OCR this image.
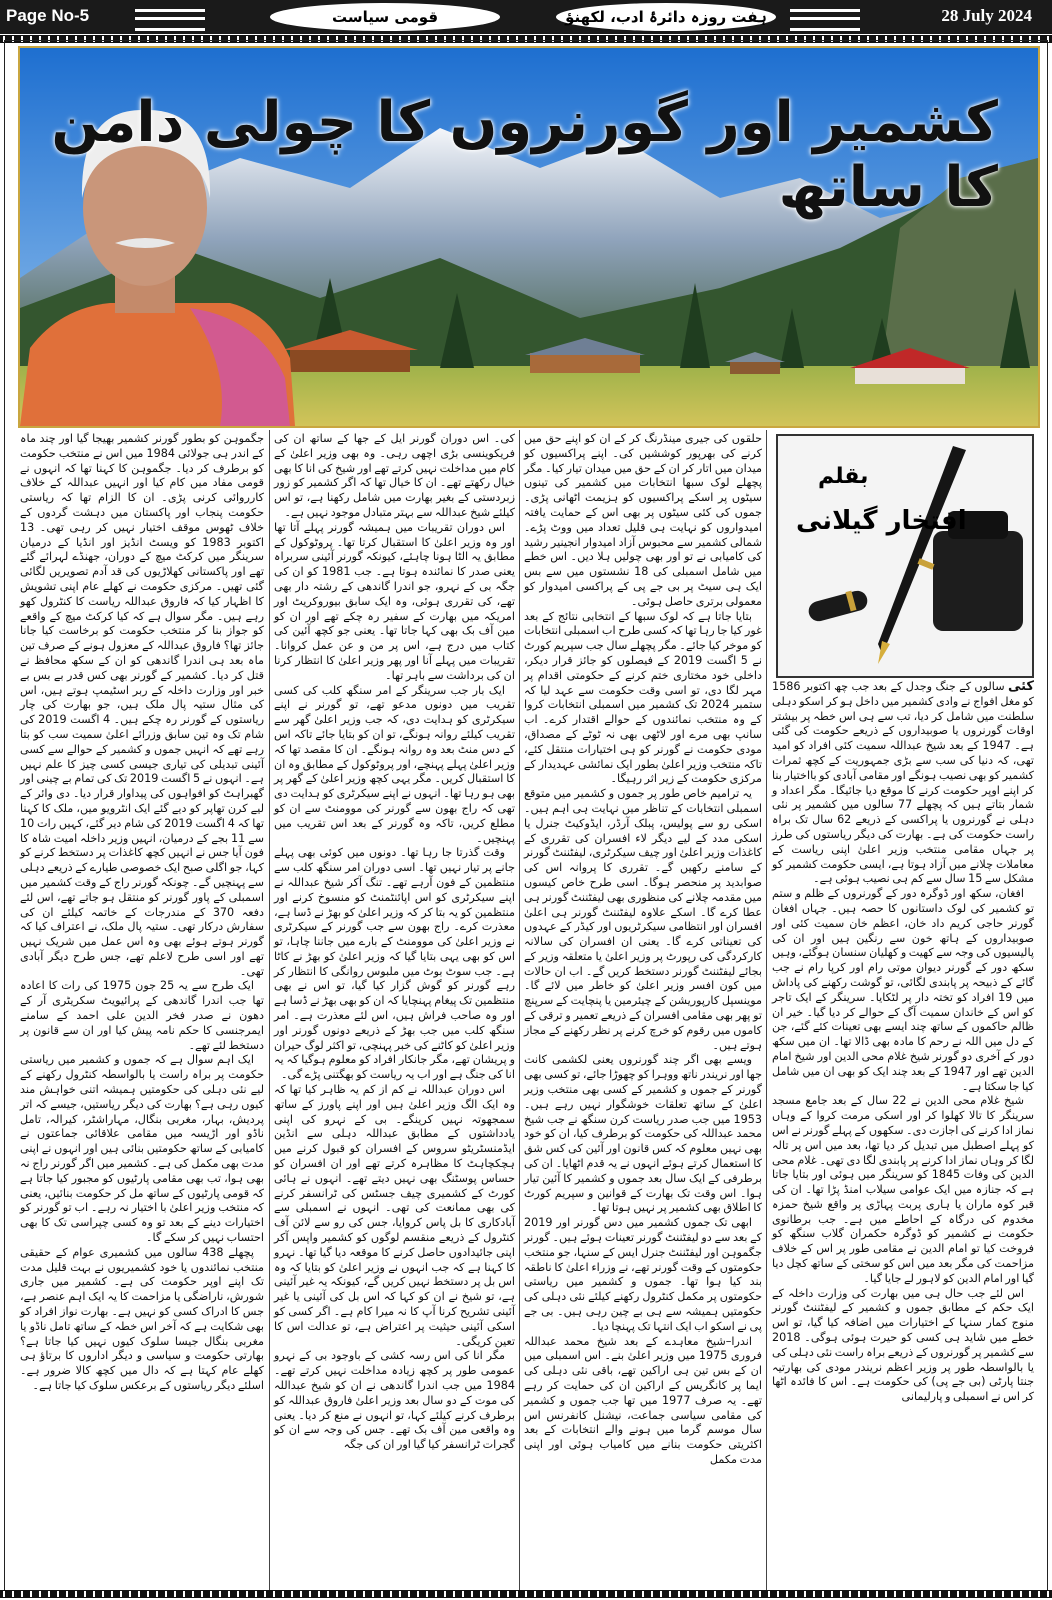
Page No-5	قومی سیاست	ہفت روزہ دائرۂ ادب، لکھنؤ	28 July 2024
کشمیر اور گورنروں کا چولی دامن کا ساتھ
بقلم
افتخار گیلانی

کئی سالوں کے جنگ وجدل کے بعد جب چھ اکتوبر 1586 کو مغل افواج نے وادی کشمیر میں داخل ہو کر اسکو دہلی سلطنت میں شامل کر دیا، تب سے ہی اس خطہ پر بیشتر اوقات گورنروں یا صوبیداروں کے ذریعے حکومت کی گئی ہے۔ 1947 کے بعد شیخ عبداللہ سمیت کئی افراد کو امید تھی، کہ دنیا کی سب سے بڑی جمہوریت کے کچھ ثمرات کشمیر کو بھی نصیب ہونگے اور مقامی آبادی کو بااختیار بنا کر اپنے اوپر حکومت کرنے کا موقع دیا جائیگا۔ مگر اعداد و شمار بتاتے ہیں کہ پچھلے 77 سالوں میں کشمیر پر نئی دہلی نے گورنروں یا پراکسی کے ذریعے 62 سال تک براہ راست حکومت کی ہے۔ بھارت کی دیگر ریاستوں کی طرز پر جہاں مقامی منتخب وزیر اعلیٰ اپنی ریاست کے معاملات چلانے میں آزاد ہوتا ہے، ایسی حکومت کشمیر کو مشکل سے 15 سال سے کم ہی نصیب ہوئی ہے۔

افغان، سکھ اور ڈوگرہ دور کے گورنروں کے ظلم و ستم تو کشمیر کی لوک داستانوں کا حصہ ہیں۔ جہاں افغان گورنر حاجی کریم داد خان، اعظم خان سمیت کئی اور صوبیداروں کے ہاتھ خون سے رنگین ہیں اور ان کی پالیسیوں کی وجہ سے کھیت و کھلیان سنسان ہوگئے، وہیں سکھ دور کے گورنر دیوان موتی رام اور کرپا رام نے جب گائے کے ذبیحہ پر پابندی لگائی، تو گوشت رکھنے کی پاداش میں 19 افراد کو تختہ دار پر لٹکایا۔ سرینگر کے ایک تاجر کو اس کے خاندان سمیت آگ کے حوالے کر دیا گیا۔ خیر ان ظالم حاکموں کے ساتھ چند ایسے بھی تعینات کئے گئے، جن کے دل میں اللہ نے رحم کا مادہ بھی ڈالا تھا۔ ان میں سکھ دور کے آخری دو گورنر شیخ غلام محی الدین اور شیخ امام الدین تھے اور 1947 کے بعد چند ایک کو بھی ان میں شامل کیا جا سکتا ہے۔

شیخ غلام محی الدین نے 22 سال کے بعد جامع مسجد سرینگر کا تالا کھلوا کر اور اسکی مرمت کروا کے وہاں نماز ادا کرنے کی اجازت دی۔ سکھوں کے پہلے گورنر نے اس کو پہلے اصطبل میں تبدیل کر دیا تھا، بعد میں اس پر تالہ لگا کر وہاں نماز ادا کرنے پر پابندی لگا دی تھی۔ غلام محی الدین کی وفات 1845 کو سرینگر میں ہوئی اور بتایا جاتا ہے کہ جنازہ میں ایک عوامی سیلاب امنڈ پڑا تھا۔ ان کی قبر کوہ ماران یا ہاری پربت پہاڑی پر واقع شیخ حمزہ مخدوم کی درگاہ کے احاطے میں ہے۔ جب برطانوی حکومت نے کشمیر کو ڈوگرہ حکمران گلاب سنگھ کو فروخت کیا تو امام الدین نے مقامی طور پر اس کے خلاف مزاحمت کی مگر بعد میں اس کو سختی کے ساتھ کچل دیا گیا اور امام الدین کو لاہور لے جایا گیا۔

اس لئے جب حال ہی میں بھارت کی وزارت داخلہ کے ایک حکم کے مطابق جموں و کشمیر کے لیفٹننٹ گورنر منوج کمار سنہا کے اختیارات میں اضافہ کیا گیا، تو اس خطے میں شاید ہی کسی کو حیرت ہوئی ہوگی۔ 2018 سے کشمیر پر گورنروں کے ذریعے براہ راست نئی دہلی کی یا بالواسطہ طور پر وزیر اعظم نریندر مودی کی بھارتیہ جنتا پارٹی (بی جے پی) کی حکومت ہے۔ اس کا فائدہ اٹھا کر اس نے اسمبلی و پارلیمانی

حلقوں کی جیری مینڈرنگ کر کے ان کو اپنے حق میں کرنے کی بھرپور کوششیں کی۔ اپنے پراکسیوں کو میدان میں اتار کر ان کے حق میں میدان تیار کیا۔ مگر پچھلے لوک سبھا انتخابات میں کشمیر کی تینوں سیٹوں پر اسکے پراکسیوں کو ہزیمت اٹھانی پڑی۔ جموں کی کئی سیٹوں پر بھی اس کے حمایت یافتہ امیدواروں کو نہایت ہی قلیل تعداد میں ووٹ پڑے۔ شمالی کشمیر سے محبوس آزاد امیدوار انجینیر رشید کی کامیابی نے تو اور بھی چولیں ہلا دیں۔ اس خطے میں شامل اسمبلی کی 18 نشستوں میں سے بس ایک ہی سیٹ پر بی جے پی کے پراکسی امیدوار کو معمولی برتری حاصل ہوئی۔

بتایا جاتا ہے کہ لوک سبھا کے انتخابی نتائج کے بعد غور کیا جا رہا تھا کہ کسی طرح اب اسمبلی انتخابات کو موخر کیا جائے۔ مگر پچھلے سال جب سپریم کورٹ نے 5 اگست 2019 کے فیصلوں کو جائز قرار دیکر، داخلی خود مختاری ختم کرنے کے حکومتی اقدام پر مہر لگا دی، تو اسی وقت حکومت سے عہد لیا کہ ستمبر 2024 تک کشمیر میں اسمبلی انتخابات کروا کے وہ منتخب نمائندوں کے حوالے اقتدار کرے۔ اب سانپ بھی مرے اور لاٹھی بھی نہ ٹوٹے کے مصداق، مودی حکومت نے گورنر کو ہی اختیارات منتقل کئے، تاکہ منتخب وزیر اعلیٰ بطور ایک نمائشی عہدیدار کے مرکزی حکومت کے زیر اثر رہیگا۔

یہ ترامیم خاص طور پر جموں و کشمیر میں متوقع اسمبلی انتخابات کے تناظر میں نہایت ہی اہم ہیں۔ اسکی رو سے پولیس، پبلک آرڈر، ایڈوکیٹ جنرل یا اسکی مدد کے لیے دیگر لاء افسران کی تقرری کے کاغذات وزیر اعلیٰ اور چیف سیکرٹری، لیفٹننٹ گورنر کے سامنے رکھیں گے۔ تقرری کا پروانہ اس کی صوابدید پر منحصر ہوگا۔ اسی طرح خاص کیسوں میں مقدمہ چلانے کی منظوری بھی لیفٹننٹ گورنر ہی عطا کرے گا۔ اسکے علاوہ لیفٹننٹ گورنر ہی اعلیٰ افسران اور انتظامی سیکرٹریوں اور کیڈر کے عہدوں کی تعیناتی کرے گا۔ یعنی ان افسران کی سالانہ کارکردگی کی رپورٹ پر وزیر اعلیٰ یا متعلقہ وزیر کے بجائے لیفٹننٹ گورنر دستخط کریں گے۔ اب ان حالات میں کون افسر وزیر اعلیٰ کو خاطر میں لائے گا۔ موینسپل کارپوریشن کے چیئرمین یا پنچایت کے سرپنچ تو پھر بھی مقامی افسران کے ذریعے تعمیر و ترقی کے کاموں میں رقوم کو خرچ کرنے پر نظر رکھنے کے مجاز ہوتے ہیں۔

ویسے بھی اگر چند گورنروں یعنی لکشمی کانت جھا اور نریندر ناتھ ووہرا کو چھوڑا جائے، تو کسی بھی گورنر کے جموں و کشمیر کے کسی بھی منتخب وزیر اعلیٰ کے ساتھ تعلقات خوشگوار نہیں رہے ہیں۔ 1953 میں جب صدر ریاست کرن سنگھ نے جب شیخ محمد عبداللہ کی حکومت کو برطرف کیا، ان کو خود بھی نہیں معلوم کہ کس قانون اور آئین کی کس شق کا استعمال کرتے ہوئے انہوں نے یہ قدم اٹھایا۔ ان کی برطرفی کے ایک سال بعد جموں و کشمیر کا آئین تیار ہوا۔ اس وقت تک بھارت کے قوانین و سپریم کورٹ کا اطلاق بھی کشمیر پر نہیں ہوتا تھا۔

ابھی تک جموں کشمیر میں دس گورنر اور 2019 کے بعد سے دو لیفٹننٹ گورنر تعینات ہوئے ہیں۔ گورنر جگموہن اور لیفٹننٹ جنرل ایس کے سنہا، جو منتخب حکومتوں کے وقت گورنر تھے، نے وزراء اعلیٰ کا ناطقہ بند کیا ہوا تھا۔ جموں و کشمیر میں ریاستی حکومتوں پر مکمل کنٹرول رکھنے کیلئے نئی دہلی کی حکومتیں ہمیشہ سے ہی بے چین رہی ہیں۔ بی جے پی نے اسکو اب ایک انتہا تک پہنچا دیا۔

اندرا–شیخ معاہدے کے بعد شیخ محمد عبداللہ فروری 1975 میں وزیر اعلیٰ بنے۔ اس اسمبلی میں ان کے بس تین ہی اراکین تھے، باقی نئی دہلی کی ایما پر کانگریس کے اراکین ان کی حمایت کر رہے تھے۔ یہ صرف 1977 میں تھا جب جموں و کشمیر کی مقامی سیاسی جماعت، نیشنل کانفرنس اس سال موسم گرما میں ہونے والے انتخابات کے بعد اکثریتی حکومت بنانے میں کامیاب ہوئی اور اپنی مدت مکمل

کی۔ اس دوران گورنر ایل کے جھا کے ساتھ ان کی فریکوینسی بڑی اچھی رہی۔ وہ بھی وزیر اعلیٰ کے کام میں مداخلت نہیں کرتے تھے اور شیخ کی انا کا بھی خیال رکھتے تھے۔ ان کا خیال تھا کہ اگر کشمیر کو زور زبردستی کے بغیر بھارت میں شامل رکھنا ہے، تو اس کیلئے شیخ عبداللہ سے بہتر متبادل موجود نہیں ہے۔

اس دوران تقریبات میں ہمیشہ گورنر پہلے آتا تھا اور وہ وزیر اعلیٰ کا استقبال کرتا تھا۔ پروٹوکول کے مطابق یہ الٹا ہونا چاہئے، کیونکہ گورنر آئینی سربراہ یعنی صدر کا نمائندہ ہوتا ہے۔ جب 1981 کو ان کی جگہ بی کے نہرو، جو اندرا گاندھی کے رشتہ دار بھی تھے، کی تقرری ہوئی، وہ ایک سابق بیوروکریٹ اور امریکہ میں بھارت کے سفیر رہ چکے تھے اور ان کو مین آف بک بھی کہا جاتا تھا۔ یعنی جو کچھ آئین کی کتاب میں درج ہے، اس پر من و عن عمل کروانا۔ تقریبات میں پہلے آنا اور پھر وزیر اعلیٰ کا انتظار کرنا ان کی برداشت سے باہر تھا۔

ایک بار جب سرینگر کے امر سنگھ کلب کی کسی تقریب میں دونوں مدعو تھے، تو گورنر نے اپنے سیکرٹری کو ہدایت دی، کہ جب وزیر اعلیٰ گھر سے تقریب کیلئے روانہ ہونگے، تو ان کو بتایا جائے تاکہ اس کے دس منٹ بعد وہ روانہ ہونگے۔ ان کا مقصد تھا کہ وزیر اعلیٰ پہلے پہنچے، اور پروٹوکول کے مطابق وہ ان کا استقبال کریں۔ مگر یہی کچھ وزیر اعلیٰ کے گھر پر بھی ہو رہا تھا۔ انہوں نے اپنے سیکرٹری کو ہدایت دی تھی کہ راج بھون سے گورنر کی موومنٹ سے ان کو مطلع کریں، تاکہ وہ گورنر کے بعد اس تقریب میں پہنچیں۔

وقت گذرتا جا رہا تھا۔ دونوں میں کوئی بھی پہلے جانے پر تیار نہیں تھا۔ اسی دوران امر سنگھ کلب سے منتظمین کے فون آرہے تھے۔ تنگ آکر شیخ عبداللہ نے اپنے سیکرٹری کو اس اپائنٹمنٹ کو منسوخ کرنے اور منتظمین کو یہ بتا کر کہ وزیر اعلیٰ کو بھڑ نے ڈسا ہے، معذرت کرے۔ راج بھون سے جب گورنر کے سیکرٹری نے وزیر اعلیٰ کی موومنٹ کے بارے میں جاننا چاہا، تو اس کو بھی یہی بتایا گیا کہ وزیر اعلیٰ کو بھڑ نے کاٹا ہے۔ جب سوٹ بوٹ میں ملبوس روانگی کا انتظار کر رہے گورنر کو گوش گزار کیا گیا، تو اس نے بھی منتظمین تک پیغام پہنچایا کہ ان کو بھی بھڑ نے ڈسا ہے اور وہ صاحب فراش ہیں، اس لئے معذرت ہے۔ امر سنگھ کلب میں جب بھڑ کے ذریعے دونوں گورنر اور وزیر اعلیٰ کو کاٹنے کی خبر پہنچی، تو اکثر لوگ حیران و پریشان تھے، مگر جانکار افراد کو معلوم ہوگیا کہ یہ انا کی جنگ ہے اور اب یہ ریاست کو بھگتنی پڑے گی۔

اس دوران عبداللہ نے کم از کم یہ ظاہر کیا تھا کہ وہ ایک الگ وزیر اعلیٰ ہیں اور اپنے پاورز کے ساتھ سمجھوتہ نہیں کرینگے۔ بی کے نہرو کی اپنی یادداشتوں کے مطابق عبداللہ دہلی سے انڈین ایڈمنسٹریٹو سروس کے افسران کو قبول کرنے میں ہچکچاہٹ کا مظاہرہ کرتے تھے اور ان افسران کو حساس پوسٹنگ بھی نہیں دیتے تھے۔ انہوں نے ہائی کورٹ کے کشمیری چیف جسٹس کی ٹرانسفر کرنے کی بھی ممانعت کی تھی۔ انہوں نے اسمبلی سے آبادکاری کا بل پاس کروایا، جس کی رو سے لائن آف کنٹرول کے ذریعے منقسم لوگوں کو کشمیر واپس آکر اپنی جائیدادوں حاصل کرنے کا موقعہ دیا گیا تھا۔ نہرو کا کہنا ہے کہ جب انہوں نے وزیر اعلیٰ کو بتایا کہ وہ اس بل پر دستخط نہیں کریں گے، کیونکہ یہ غیر آئینی ہے، تو شیخ نے ان کو کہا کہ اس بل کی آئینی یا غیر آئینی تشریح کرنا آپ کا نہ میرا کام ہے۔ اگر کسی کو اسکی آئینی حیثیت پر اعتراض ہے، تو عدالت اس کا تعین کریگی۔

مگر انا کی اس رسہ کشی کے باوجود بی کے نہرو عمومی طور پر کچھ زیادہ مداخلت نہیں کرتے تھے۔ 1984 میں جب اندرا گاندھی نے ان کو شیخ عبداللہ کی موت کے دو سال بعد وزیر اعلیٰ فاروق عبداللہ کو برطرف کرنے کیلئے کہا، تو انہوں نے منع کر دیا۔ یعنی وہ واقعی مین آف بک تھے۔ جس کی وجہ سے ان کو گجرات ٹرانسفر کیا گیا اور ان کی جگہ

جگموہن کو بطور گورنر کشمیر بھیجا گیا اور چند ماہ کے اندر ہی جولائی 1984 میں اس نے منتخب حکومت کو برطرف کر دیا۔ جگموہن کا کہنا تھا کہ انہوں نے قومی مفاد میں کام کیا اور انہیں عبداللہ کے خلاف کارروائی کرنی پڑی۔ ان کا الزام تھا کہ ریاستی حکومت پنجاب اور پاکستان میں دہشت گردوں کے خلاف ٹھوس موقف اختیار نہیں کر رہی تھی۔ 13 اکتوبر 1983 کو ویسٹ انڈیز اور انڈیا کے درمیان سرینگر میں کرکٹ میچ کے دوران، جھنڈے لہرائے گئے تھے اور پاکستانی کھلاڑیوں کی قد آدم تصویریں لگائی گئی تھیں۔ مرکزی حکومت نے کھلے عام اپنی تشویش کا اظہار کیا کہ فاروق عبداللہ ریاست کا کنٹرول کھو رہے ہیں۔ مگر سوال ہے کہ کیا کرکٹ میچ کے واقعے کو جواز بنا کر منتخب حکومت کو برخاست کیا جانا جائز تھا؟ فاروق عبداللہ کے معزول ہونے کے صرف تین ماہ بعد ہی اندرا گاندھی کو ان کے سکھ محافظ نے قتل کر دیا۔ کشمیر کے گورنر بھی کس قدر بے بس بے خبر اور وزارت داخلہ کے ربر اسٹیمپ ہوتے ہیں، اس کی مثال ستیہ پال ملک ہیں، جو بھارت کی چار ریاستوں کے گورنر رہ چکے ہیں۔ 4 اگست 2019 کی شام تک وہ تین سابق وزرائے اعلیٰ سمیت سب کو بتا رہے تھے کہ انہیں جموں و کشمیر کے حوالے سے کسی آئینی تبدیلی کی تیاری جیسی کسی چیز کا علم نہیں ہے۔ انہوں نے 5 اگست 2019 تک کی تمام بے چینی اور گھبراہٹ کو افواہوں کی پیداوار قرار دیا۔ دی وائر کے لیے کرن تھاپر کو دیے گئے ایک انٹرویو میں، ملک کا کہنا تھا کہ 4 اگست 2019 کی شام دیر گئے، کہیں رات 10 سے 11 بجے کے درمیان، انہیں وزیر داخلہ امیت شاہ کا فون آیا جس نے انہیں کچھ کاغذات پر دستخط کرنے کو کہا، جو اگلی صبح ایک خصوصی طیارے کے ذریعے دہلی سے پہنچیں گے۔ چونکہ گورنر راج کے وقت کشمیر میں اسمبلی کے پاور گورنر کو منتقل ہو جاتے تھے، اس لئے دفعہ 370 کے مندرجات کے خاتمہ کیلئے ان کی سفارش درکار تھی۔ ستیہ پال ملک، نے اعتراف کیا کہ گورنر ہوتے ہوئے بھی وہ اس عمل میں شریک نہیں تھے اور اسی طرح لاعلم تھے، جس طرح دیگر آبادی تھی۔

ایک طرح سے یہ 25 جون 1975 کی رات کا اعادہ تھا جب اندرا گاندھی کے پرائیویٹ سکریٹری آر کے دھون نے صدر فخر الدین علی احمد کے سامنے ایمرجنسی کا حکم نامہ پیش کیا اور ان سے قانون پر دستخط لئے تھے۔

ایک اہم سوال ہے کہ جموں و کشمیر میں ریاستی حکومت پر براہ راست یا بالواسطہ کنٹرول رکھنے کے لیے نئی دہلی کی حکومتیں ہمیشہ اتنی خواہش مند کیوں رہی ہے؟ بھارت کی دیگر ریاستیں، جیسے کہ اتر پردیش، بہار، مغربی بنگال، مہاراشٹر، کیرالہ، تامل ناڈو اور اڑیسہ میں مقامی علاقائی جماعتوں نے کامیابی کے ساتھ حکومتیں بنائی ہیں اور انہوں نے اپنی مدت بھی مکمل کی ہے۔ کشمیر میں اگر گورنر راج نہ بھی ہوا، تب بھی مقامی پارٹیوں کو مجبور کیا جاتا ہے کہ قومی پارٹیوں کے ساتھ مل کر حکومت بنائیں، یعنی کہ منتخب وزیر اعلیٰ با اختیار نہ رہے۔ اب تو گورنر کو اختیارات دینے کے بعد تو وہ کسی چپراسی تک کا بھی احتساب نہیں کر سکے گا۔

پچھلے 438 سالوں میں کشمیری عوام کے حقیقی منتخب نمائندوں یا خود کشمیریوں نے بہت قلیل مدت تک اپنے اوپر حکومت کی ہے۔ کشمیر میں جاری شورش، ناراضگی یا مزاحمت کا یہ ایک اہم عنصر ہے، جس کا ادراک کسی کو نہیں ہے۔ بھارت نواز افراد کو بھی شکایت ہے کہ آخر اس خطہ کے ساتھ تامل ناڈو یا مغربی بنگال جیسا سلوک کیوں نہیں کیا جاتا ہے؟ بھارتی حکومت و سیاسی و دیگر اداروں کا برتاؤ ہی کھلے عام کہتا ہے کہ دال میں کچھ کالا ضرور ہے۔ اسلئے دیگر ریاستوں کے برعکس سلوک کیا جاتا ہے۔
